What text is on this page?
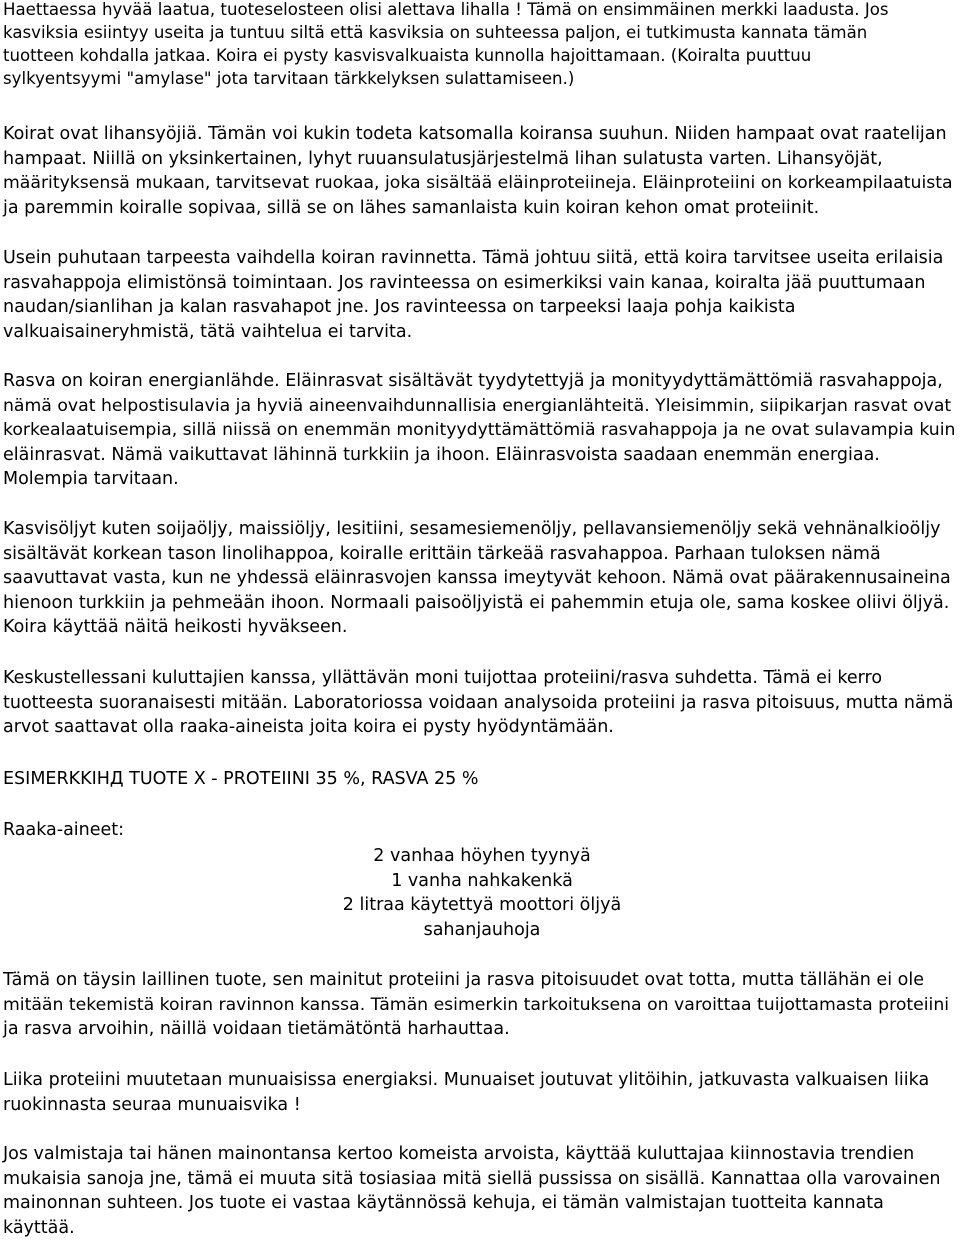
Haettaessa hyvää laatua, tuoteselosteen olisi alettava lihalla ! Tämä on ensimmäinen merkki laadusta. Jos
kasviksia esiintyy useita ja tuntuu siltä että kasviksia on suhteessa paljon, ei tutkimusta kannata tämän
tuotteen kohdalla jatkaa. Koira ei pysty kasvisvalkuaista kunnolla hajoittamaan. (Koiralta puuttuu
sylkyentsyymi "amylase" jota tarvitaan tärkkelyksen sulattamiseen.)

Koirat ovat lihansyöjiä. Tämän voi kukin todeta katsomalla koiransa suuhun. Niiden hampaat ovat raatelijan
hampaat. Niillä on yksinkertainen, lyhyt ruuansulatusjärjestelmä lihan sulatusta varten. Lihansyöjät,
määrityksensä mukaan, tarvitsevat ruokaa, joka sisältää eläinproteiineja. Eläinproteiini on korkeampilaatuista
ja paremmin koiralle sopivaa, sillä se on lähes samanlaista kuin koiran kehon omat proteiinit.

Usein puhutaan tarpeesta vaihdella koiran ravinnetta. Tämä johtuu siitä, että koira tarvitsee useita erilaisia
rasvahappoja elimistönsä toimintaan. Jos ravinteessa on esimerkiksi vain kanaa, koiralta jää puuttumaan
naudan/sianlihan ja kalan rasvahapot jne. Jos ravinteessa on tarpeeksi laaja pohja kaikista
valkuaisaineryhmistä, tätä vaihtelua ei tarvita.

Rasva on koiran energianlähde. Eläinrasvat sisältävät tyydytettyjä ja monityydyttämättömiä rasvahappoja,
nämä ovat helpostisulavia ja hyviä aineenvaihdunnallisia energianlähteitä. Yleisimmin, siipikarjan rasvat ovat
korkealaatuisempia, sillä niissä on enemmän monityydyttämättömiä rasvahappoja ja ne ovat sulavampia kuin
eläinrasvat. Nämä vaikuttavat lähinnä turkkiin ja ihoon. Eläinrasvoista saadaan enemmän energiaa.
Molempia tarvitaan.

Kasvisöljyt kuten soijaöljy, maissiöljy, lesitiini, sesamesiemenöljy, pellavansiemenöljy sekä vehnänalkioöljy
sisältävät korkean tason linolihappoa, koiralle erittäin tärkeää rasvahappoa. Parhaan tuloksen nämä
saavuttavat vasta, kun ne yhdessä eläinrasvojen kanssa imeytyvät kehoon. Nämä ovat päärakennusaineina
hienoon turkkiin ja pehmeään ihoon. Normaali paisoöljyistä ei pahemmin etuja ole, sama koskee oliivi öljyä.
Koira käyttää näitä heikosti hyväkseen.

Keskustellessani kuluttajien kanssa, yllättävän moni tuijottaa proteiini/rasva suhdetta. Tämä ei kerro
tuotteesta suoranaisesti mitään. Laboratoriossa voidaan analysoida proteiini ja rasva pitoisuus, mutta nämä
arvot saattavat olla raaka-aineista joita koira ei pysty hyödyntämään.

ESIMERKKIНД TUOTE X - PROTEIINI 35 %, RASVA 25 %
Raaka-aineet:
2 vanhaa höyhen tyynyä
1 vanha nahkakenkä
2 litraa käytettyä moottori öljyä
sahanjauhoja

Tämä on täysin laillinen tuote, sen mainitut proteiini ja rasva pitoisuudet ovat totta, mutta tällähän ei ole
mitään tekemistä koiran ravinnon kanssa. Tämän esimerkin tarkoituksena on varoittaa tuijottamasta proteiini
ja rasva arvoihin, näillä voidaan tietämätöntä harhauttaa.

Liika proteiini muutetaan munuaisissa energiaksi. Munuaiset joutuvat ylitöihin, jatkuvasta valkuaisen liika
ruokinnasta seuraa munuaisvika !

Jos valmistaja tai hänen mainontansa kertoo komeista arvoista, käyttää kuluttajaa kiinnostavia trendien
mukaisia sanoja jne, tämä ei muuta sitä tosiasiaa mitä siellä pussissa on sisällä. Kannattaa olla varovainen
mainonnan suhteen. Jos tuote ei vastaa käytännössä kehuja, ei tämän valmistajan tuotteita kannata
käyttää.
